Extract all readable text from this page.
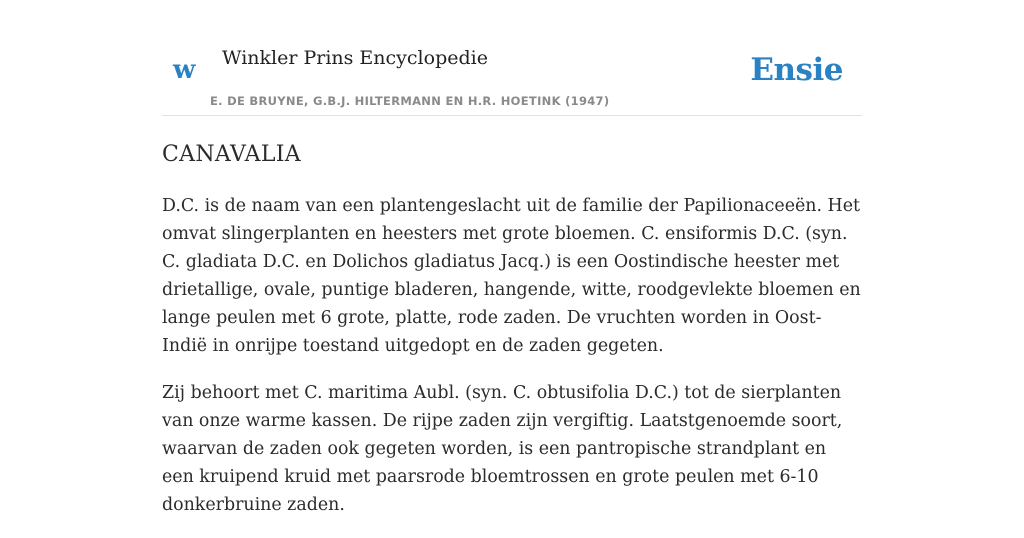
w Winkler Prins Encyclopedie
E. DE BRUYNE, G.B.J. HILTERMANN EN H.R. HOETINK (1947)
Ensie
CANAVALIA

D.C. is de naam van een plantengeslacht uit de familie der Papilionaceeën. Het omvat slingerplanten en heesters met grote bloemen. C. ensiformis D.C. (syn. C. gladiata D.C. en Dolichos gladiatus Jacq.) is een Oostindische heester met drietallige, ovale, puntige bladeren, hangende, witte, roodgevlekte bloemen en lange peulen met 6 grote, platte, rode zaden. De vruchten worden in Oost-Indië in onrijpe toestand uitgedopt en de zaden gegeten.

Zij behoort met C. maritima Aubl. (syn. C. obtusifolia D.C.) tot de sierplanten van onze warme kassen. De rijpe zaden zijn vergiftig. Laatstgenoemde soort, waarvan de zaden ook gegeten worden, is een pantropische strandplant en een kruipend kruid met paarsrode bloemtrossen en grote peulen met 6-10 donkerbruine zaden.
